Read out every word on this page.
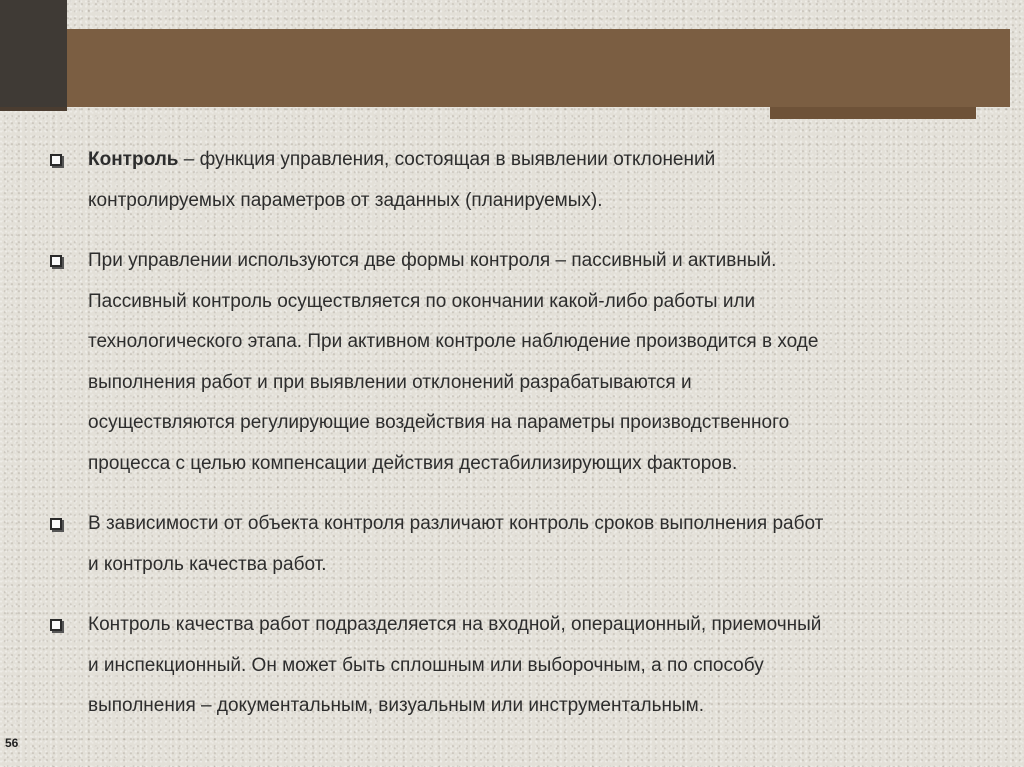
Контроль – функция управления, состоящая в выявлении отклонений

контролируемых параметров от заданных (планируемых).

При управлении используются две формы контроля – пассивный и активный.

Пассивный контроль осуществляется по окончании какой-либо работы или

технологического этапа. При активном контроле наблюдение производится в ходе

выполнения работ и при выявлении отклонений разрабатываются и

осуществляются регулирующие воздействия на параметры производственного

процесса с целью компенсации действия дестабилизирующих факторов.

В зависимости от объекта контроля различают контроль сроков выполнения работ

и контроль качества работ.

Контроль качества работ подразделяется на входной, операционный, приемочный

и инспекционный. Он может быть сплошным или выборочным, а по способу

выполнения – документальным, визуальным или инструментальным.

56
